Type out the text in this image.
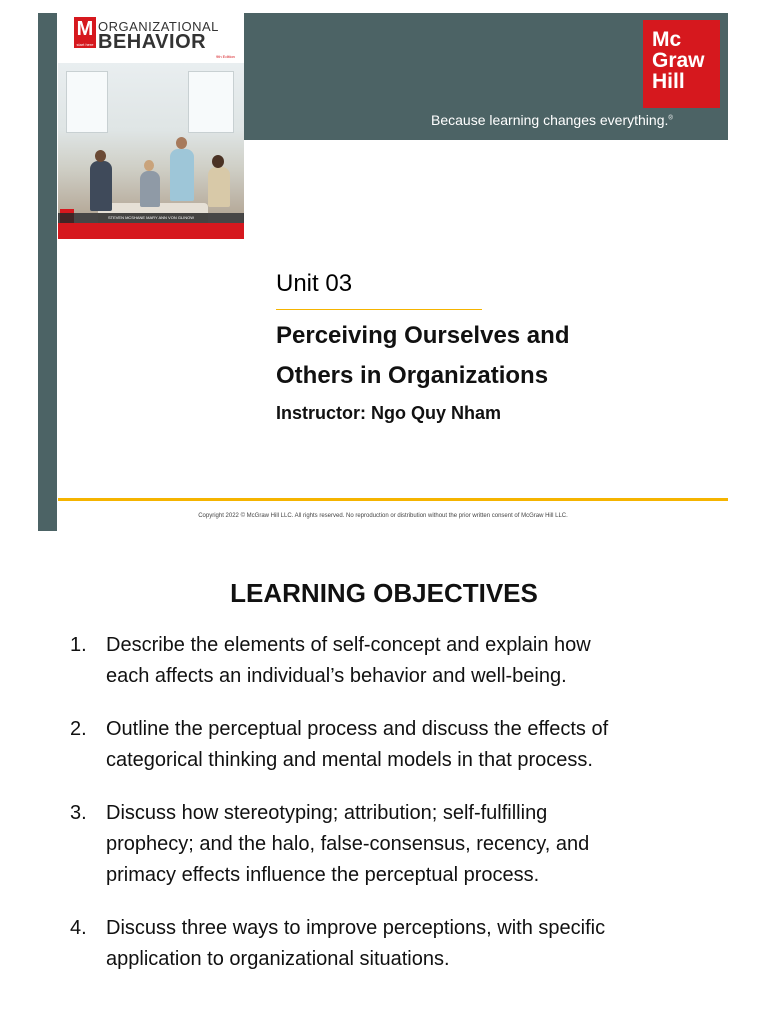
M
start here
ORGANIZATIONAL
BEHAVIOR
9th Edition
STEVEN MCSHANE MARY ANN VON GLINOW
Mc
Graw
Hill
Because learning changes everything.®
Unit 03
Perceiving Ourselves and
Others in Organizations
Instructor: Ngo Quy Nham
Copyright 2022 © McGraw Hill LLC. All rights reserved. No reproduction or distribution without the prior written consent of McGraw Hill LLC.
LEARNING OBJECTIVES
1. Describe the elements of self-concept and explain how
each affects an individual’s behavior and well-being.
2. Outline the perceptual process and discuss the effects of
categorical thinking and mental models in that process.
3. Discuss how stereotyping; attribution; self-fulfilling
prophecy; and the halo, false-consensus, recency, and
primacy effects influence the perceptual process.
4. Discuss three ways to improve perceptions, with specific
application to organizational situations.
